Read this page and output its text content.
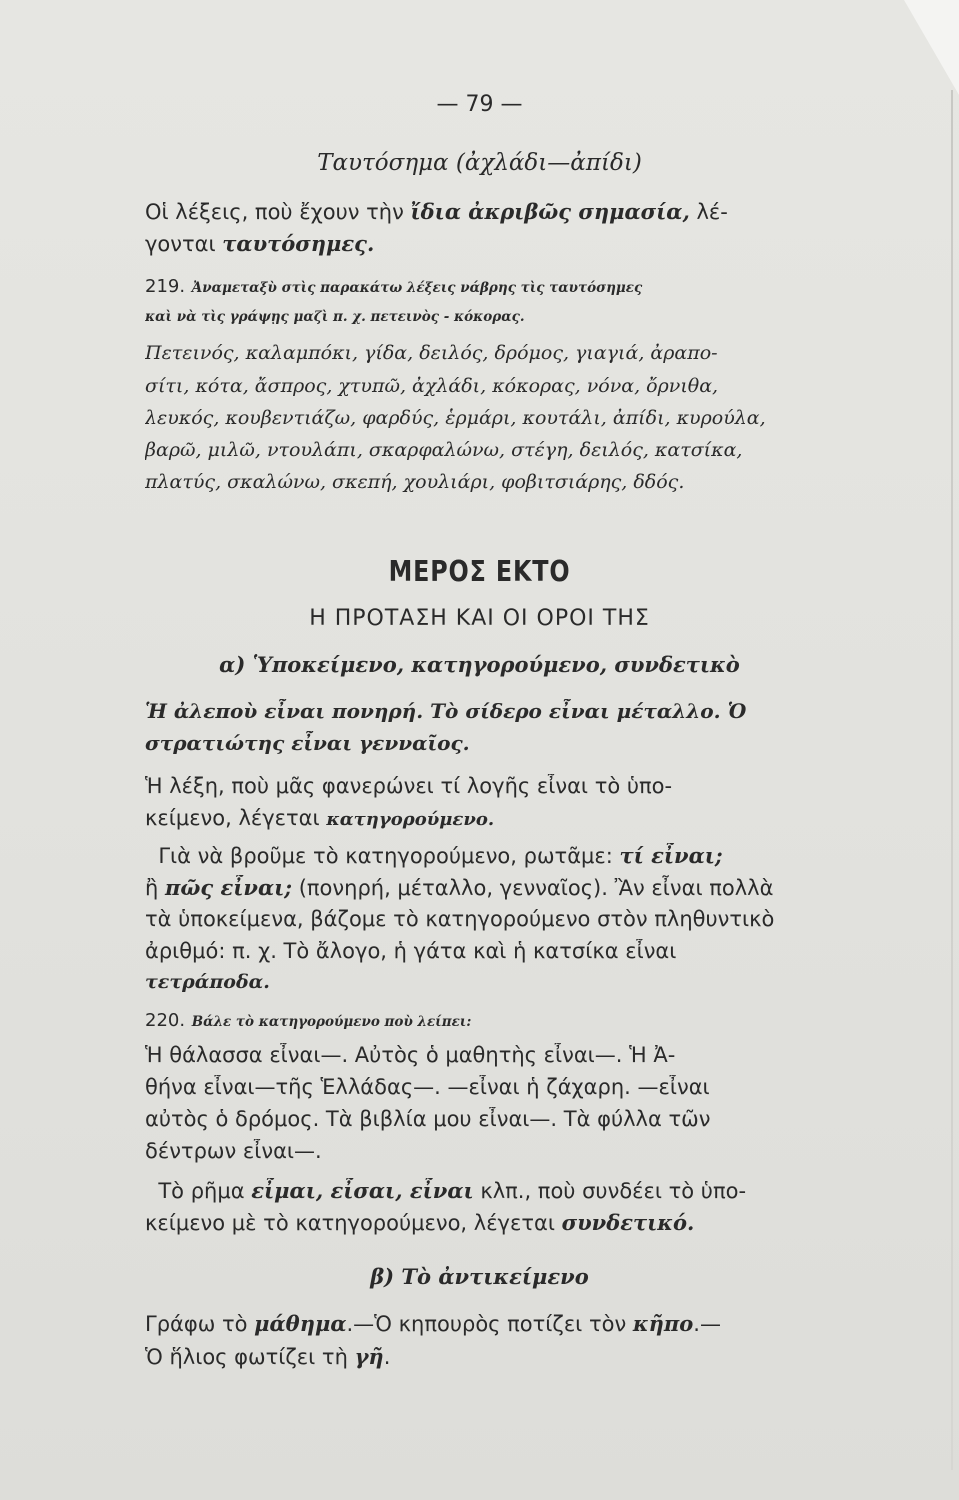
— 79 —
Ταυτόσημα (ἀχλάδι—ἀπίδι)
Οἱ λέξεις, ποὺ ἔχουν τὴν ἴδια ἀκριβῶς σημασία, λέ-
γονται ταυτόσημες.
219. Ἀναμεταξὺ στὶς παρακάτω λέξεις νάβρης τὶς ταυτόσημες
καὶ νὰ τὶς γράψῃς μαζὶ π. χ. πετεινὸς - κόκορας.
Πετεινός, καλαμπόκι, γίδα, δειλός, δρόμος, γιαγιά, ἀραπο-
σίτι, κότα, ἄσπρος, χτυπῶ, ἀχλάδι, κόκορας, νόνα, ὄρνιθα,
λευκός, κουβεντιάζω, φαρδύς, ἑρμάρι, κουτάλι, ἀπίδι, κυρούλα,
βαρῶ, μιλῶ, ντουλάπι, σκαρφαλώνω, στέγη, δειλός, κατσίκα,
πλατύς, σκαλώνω, σκεπή, χουλιάρι, φοβιτσιάρης, δδός.
ΜΕΡΟΣ ΕΚΤΟ
Η ΠΡΟΤΑΣΗ ΚΑΙ ΟΙ ΟΡΟΙ ΤΗΣ
α) Ὑποκείμενο, κατηγορούμενο, συνδετικὸ
Ἡ ἀλεποὺ εἶναι πονηρή. Τὸ σίδερο εἶναι μέταλλο. Ὁ
στρατιώτης εἶναι γενναῖος.
Ἡ λέξη, ποὺ μᾶς φανερώνει τί λογῆς εἶναι τὸ ὑπο-
κείμενο, λέγεται κατηγορούμενο.
Γιὰ νὰ βροῦμε τὸ κατηγορούμενο, ρωτᾶμε: τί εἶναι;
ἢ πῶς εἶναι; (πονηρή, μέταλλο, γενναῖος). Ἂν εἶναι πολλὰ
τὰ ὑποκείμενα, βάζομε τὸ κατηγορούμενο στὸν πληθυντικὸ
ἀριθμό: π. χ. Τὸ ἄλογο, ἡ γάτα καὶ ἡ κατσίκα εἶναι
τετράποδα.
220. Βάλε τὸ κατηγορούμενο ποὺ λείπει:
Ἡ θάλασσα εἶναι—. Αὐτὸς ὁ μαθητὴς εἶναι—. Ἡ Ἀ-
θήνα εἶναι—τῆς Ἑλλάδας—. —εἶναι ἡ ζάχαρη. —εἶναι
αὐτὸς ὁ δρόμος. Τὰ βιβλία μου εἶναι—. Τὰ φύλλα τῶν
δέντρων εἶναι—.
Τὸ ρῆμα εἶμαι, εἶσαι, εἶναι κλπ., ποὺ συνδέει τὸ ὑπο-
κείμενο μὲ τὸ κατηγορούμενο, λέγεται συνδετικό.
β) Τὸ ἀντικείμενο
Γράφω τὸ μάθημα.—Ὁ κηπουρὸς ποτίζει τὸν κῆπο.—
Ὁ ἥλιος φωτίζει τὴ γῆ.
